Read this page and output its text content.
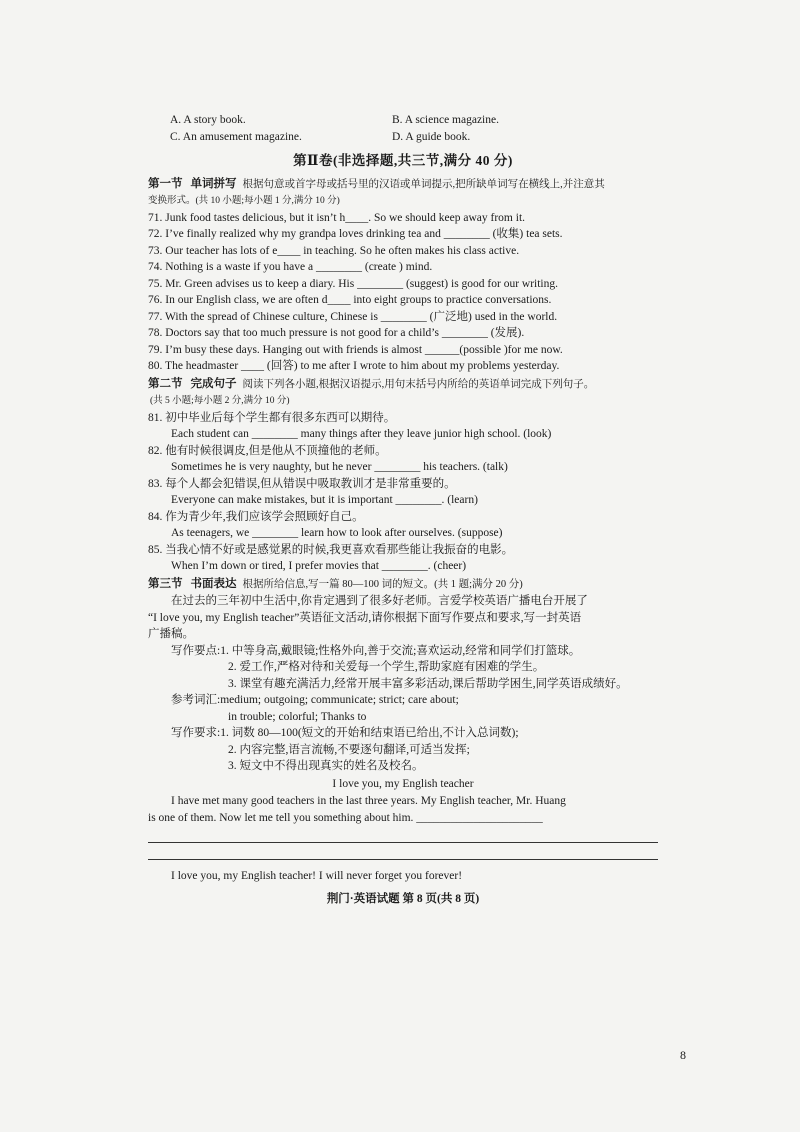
A. A story book.	B. A science magazine.
C. An amusement magazine.	D. A guide book.
第Ⅱ卷(非选择题,共三节,满分 40 分)
第一节 单词拼写 根据句意或首字母或括号里的汉语或单词提示,把所缺单词写在横线上,并注意其
变换形式。(共 10 小题;每小题 1 分,满分 10 分)
71. Junk food tastes delicious, but it isn’t h____. So we should keep away from it.
72. I’ve finally realized why my grandpa loves drinking tea and ________ (收集) tea sets.
73. Our teacher has lots of e____ in teaching. So he often makes his class active.
74. Nothing is a waste if you have a ________ (create ) mind.
75. Mr. Green advises us to keep a diary. His ________ (suggest) is good for our writing.
76. In our English class, we are often d____ into eight groups to practice conversations.
77. With the spread of Chinese culture, Chinese is ________ (广泛地) used in the world.
78. Doctors say that too much pressure is not good for a child’s ________ (发展).
79. I’m busy these days. Hanging out with friends is almost ______(possible )for me now.
80. The headmaster ____ (回答) to me after I wrote to him about my problems yesterday.
第二节 完成句子 阅读下列各小题,根据汉语提示,用句末括号内所给的英语单词完成下列句子。
(共 5 小题;每小题 2 分,满分 10 分)
81. 初中毕业后每个学生都有很多东西可以期待。
Each student can ________ many things after they leave junior high school. (look)
82. 他有时候很调皮,但是他从不顶撞他的老师。
Sometimes he is very naughty, but he never ________ his teachers. (talk)
83. 每个人都会犯错误,但从错误中吸取教训才是非常重要的。
Everyone can make mistakes, but it is important ________. (learn)
84. 作为青少年,我们应该学会照顾好自己。
As teenagers, we ________ learn how to look after ourselves. (suppose)
85. 当我心情不好或是感觉累的时候,我更喜欢看那些能让我振奋的电影。
When I’m down or tired, I prefer movies that ________. (cheer)
第三节 书面表达 根据所给信息,写一篇 80—100 词的短文。(共 1 题;满分 20 分)
在过去的三年初中生活中,你肯定遇到了很多好老师。言爱学校英语广播电台开展了
“I love you, my English teacher”英语征文活动,请你根据下面写作要点和要求,写一封英语
广播稿。
写作要点:1. 中等身高,戴眼镜;性格外向,善于交流;喜欢运动,经常和同学们打篮球。
2. 爱工作,严格对待和关爱每一个学生,帮助家庭有困难的学生。
3. 课堂有趣充满活力,经常开展丰富多彩活动,课后帮助学困生,同学英语成绩好。
参考词汇:medium; outgoing; communicate; strict; care about;
in trouble; colorful; Thanks to
写作要求:1. 词数 80—100(短文的开始和结束语已给出,不计入总词数);
2. 内容完整,语言流畅,不要逐句翻译,可适当发挥;
3. 短文中不得出现真实的姓名及校名。
I love you, my English teacher
I have met many good teachers in the last three years. My English teacher, Mr. Huang
is one of them. Now let me tell you something about him. ______________________
I love you, my English teacher! I will never forget you forever!
荆门·英语试题 第 8 页(共 8 页)
8
